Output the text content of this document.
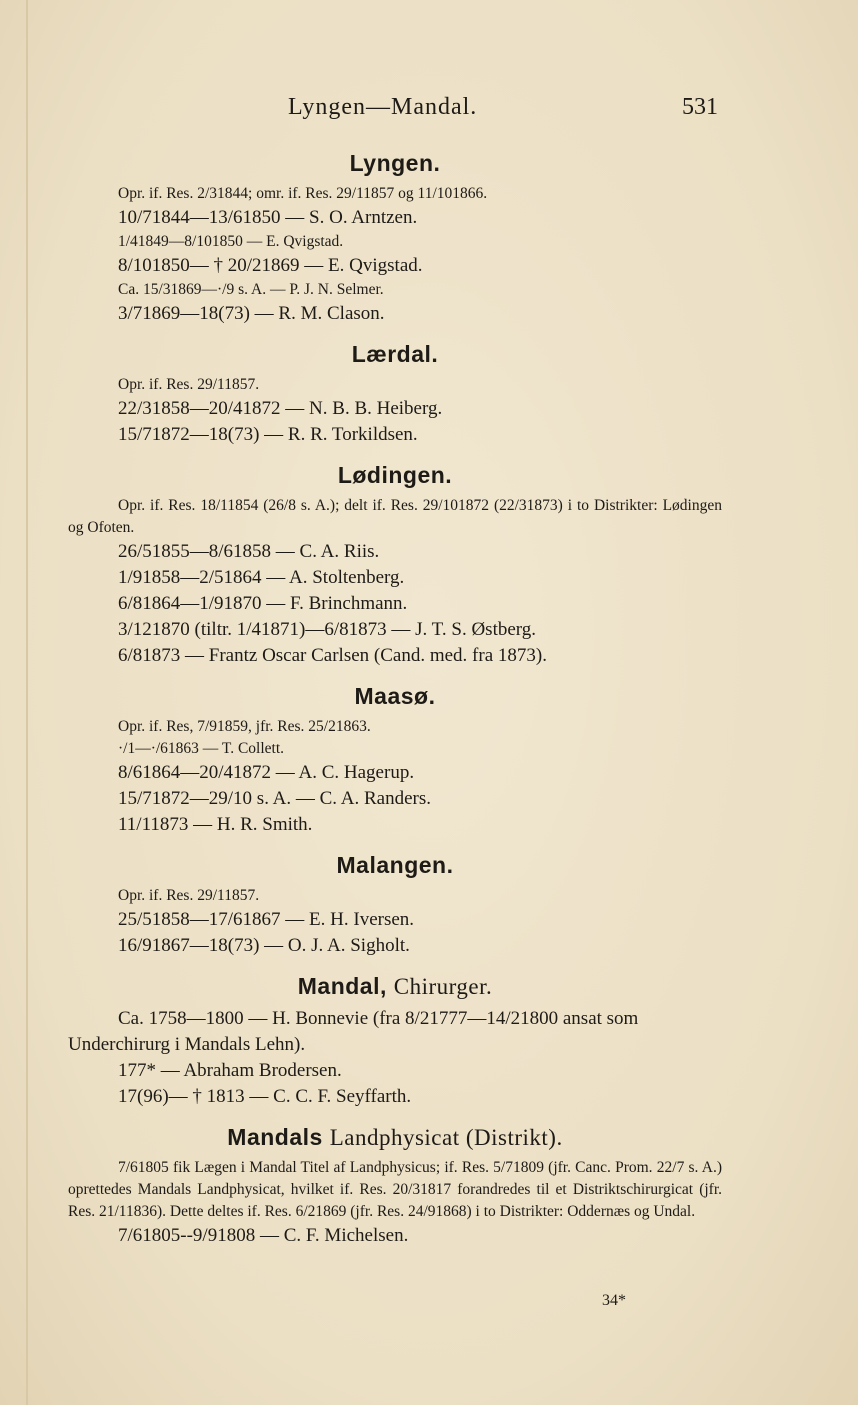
Lyngen—Mandal.	531
Lyngen.
Opr. if. Res. 2/31844; omr. if. Res. 29/11857 og 11/101866.
10/71844—13/61850 — S. O. Arntzen.
1/41849—8/101850 — E. Qvigstad.
8/101850— † 20/21869 — E. Qvigstad.
Ca. 15/31869—·/9 s. A. — P. J. N. Selmer.
3/71869—18(73) — R. M. Clason.
Lærdal.
Opr. if. Res. 29/11857.
22/31858—20/41872 — N. B. B. Heiberg.
15/71872—18(73) — R. R. Torkildsen.
Lødingen.
Opr. if. Res. 18/11854 (26/8 s. A.); delt if. Res. 29/101872 (22/31873) i to Distrikter: Lødingen og Ofoten.
26/51855—8/61858 — C. A. Riis.
1/91858—2/51864 — A. Stoltenberg.
6/81864—1/91870 — F. Brinchmann.
3/121870 (tiltr. 1/41871)—6/81873 — J. T. S. Østberg.
6/81873 — Frantz Oscar Carlsen (Cand. med. fra 1873).
Maasø.
Opr. if. Res, 7/91859, jfr. Res. 25/21863.
·/1—·/61863 — T. Collett.
8/61864—20/41872 — A. C. Hagerup.
15/71872—29/10 s. A. — C. A. Randers.
11/11873 — H. R. Smith.
Malangen.
Opr. if. Res. 29/11857.
25/51858—17/61867 — E. H. Iversen.
16/91867—18(73) — O. J. A. Sigholt.
Mandal, Chirurger.
Ca. 1758—1800 — H. Bonnevie (fra 8/21777—14/21800 ansat som Underchirurg i Mandals Lehn).
177* — Abraham Brodersen.
17(96)— † 1813 — C. C. F. Seyffarth.
Mandals Landphysicat (Distrikt).
7/61805 fik Lægen i Mandal Titel af Landphysicus; if. Res. 5/71809 (jfr. Canc. Prom. 22/7 s. A.) oprettedes Mandals Landphysicat, hvilket if. Res. 20/31817 forandredes til et Distriktschirurgicat (jfr. Res. 21/11836). Dette deltes if. Res. 6/21869 (jfr. Res. 24/91868) i to Distrikter: Oddernæs og Undal.
7/61805--9/91808 — C. F. Michelsen.
34*
